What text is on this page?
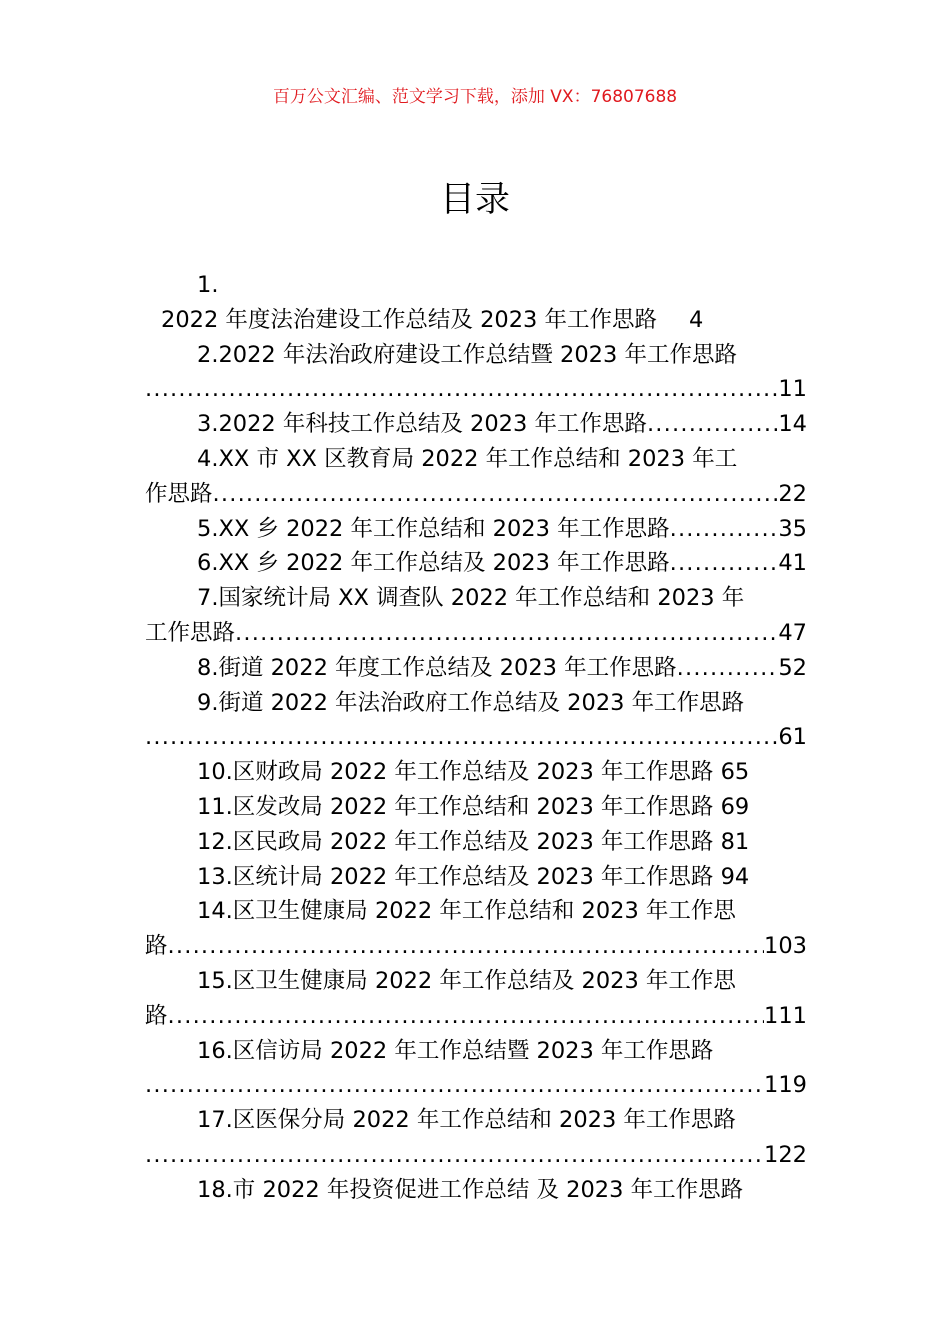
百万公文汇编、范文学习下载，添加 VX：76807688
目录
1.
2022 年度法治建设工作总结及 2023 年工作思路 4
2.2022 年法治政府建设工作总结暨 2023 年工作思路
.....
11
3.2022 年科技工作总结及 2023 年工作思路 .....	14
4.XX 市 XX 区教育局 2022 年工作总结和 2023 年工
作思路 .....	22
5.XX 乡 2022 年工作总结和 2023 年工作思路 .....	35
6.XX 乡 2022 年工作总结及 2023 年工作思路 .....	41
7.国家统计局 XX 调查队 2022 年工作总结和 2023 年
工作思路 .....	47
8.街道 2022 年度工作总结及 2023 年工作思路 .....	52
9.街道 2022 年法治政府工作总结及 2023 年工作思路
.....
61
10.区财政局 2022 年工作总结及 2023 年工作思路 65
11.区发改局 2022 年工作总结和 2023 年工作思路 69
12.区民政局 2022 年工作总结及 2023 年工作思路 81
13.区统计局 2022 年工作总结及 2023 年工作思路 94
14.区卫生健康局 2022 年工作总结和 2023 年工作思
路 .....	103
15.区卫生健康局 2022 年工作总结及 2023 年工作思
路 .....	111
16.区信访局 2022 年工作总结暨 2023 年工作思路
.....
119
17.区医保分局 2022 年工作总结和 2023 年工作思路
.....
122
18.市 2022 年投资促进工作总结 及 2023 年工作思路
